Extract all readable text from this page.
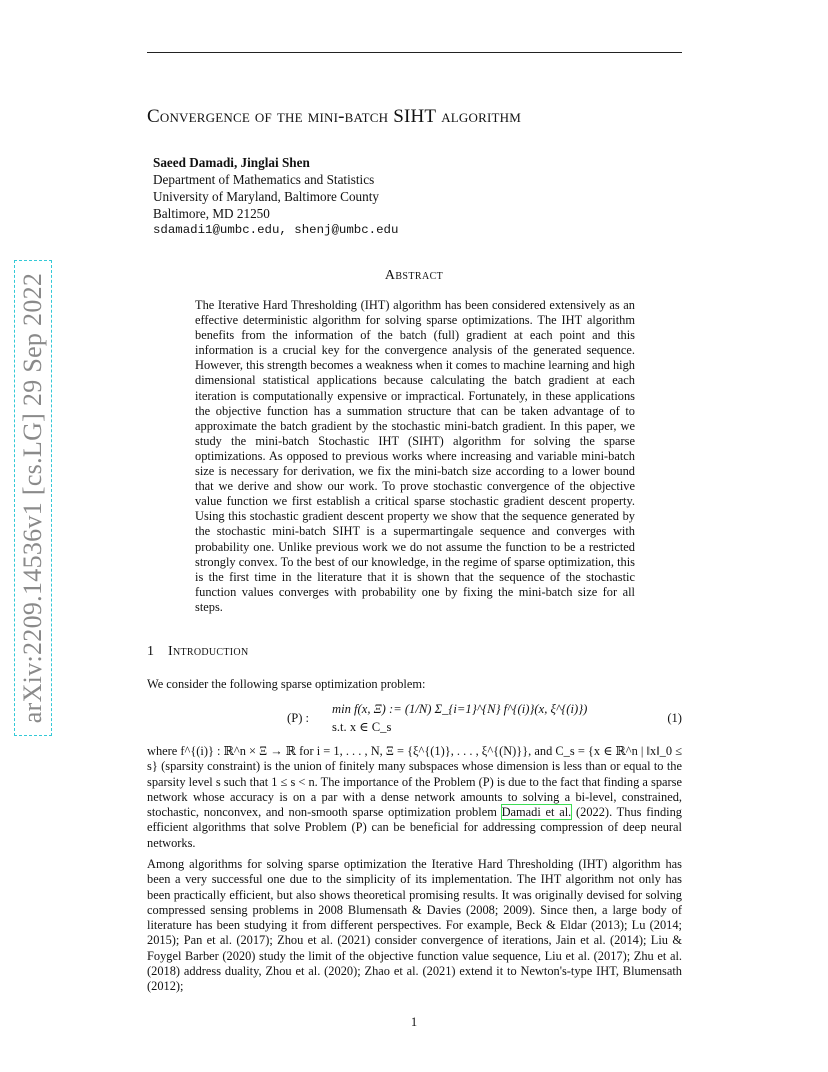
Convergence of the mini-batch SIHT algorithm
Saeed Damadi, Jinglai Shen
Department of Mathematics and Statistics
University of Maryland, Baltimore County
Baltimore, MD 21250
sdamadi1@umbc.edu, shenj@umbc.edu
arXiv:2209.14536v1 [cs.LG] 29 Sep 2022	Abstract
The Iterative Hard Thresholding (IHT) algorithm has been considered extensively as an effective deterministic algorithm for solving sparse optimizations. The IHT algorithm benefits from the information of the batch (full) gradient at each point and this information is a crucial key for the convergence analysis of the generated sequence. However, this strength becomes a weakness when it comes to machine learning and high dimensional statistical applications because calculating the batch gradient at each iteration is computationally expensive or impractical. Fortunately, in these applications the objective function has a summation structure that can be taken advantage of to approximate the batch gradient by the stochastic mini-batch gradient. In this paper, we study the mini-batch Stochastic IHT (SIHT) algorithm for solving the sparse optimizations. As opposed to previous works where increasing and variable mini-batch size is necessary for derivation, we fix the mini-batch size according to a lower bound that we derive and show our work. To prove stochastic convergence of the objective value function we first establish a critical sparse stochastic gradient descent property. Using this stochastic gradient descent property we show that the sequence generated by the stochastic mini-batch SIHT is a supermartingale sequence and converges with probability one. Unlike previous work we do not assume the function to be a restricted strongly convex. To the best of our knowledge, in the regime of sparse optimization, this is the first time in the literature that it is shown that the sequence of the stochastic function values converges with probability one by fixing the mini-batch size for all steps.
1 Introduction
We consider the following sparse optimization problem:
(P) :
min f(x, Ξ) := (1/N) Σ_{i=1}^{N} f^{(i)}(x, ξ^{(i)})
s.t. x ∈ C_s
(1)
where f^{(i)} : ℝ^n × Ξ → ℝ for i = 1, . . . , N, Ξ = {ξ^{(1)}, . . . , ξ^{(N)}}, and C_s = {x ∈ ℝ^n | ‖x‖_0 ≤ s} (sparsity constraint) is the union of finitely many subspaces whose dimension is less than or equal to the sparsity level s such that 1 ≤ s < n. The importance of the Problem (P) is due to the fact that finding a sparse network whose accuracy is on a par with a dense network amounts to solving a bi-level, constrained, stochastic, nonconvex, and non-smooth sparse optimization problem Damadi et al. (2022). Thus finding efficient algorithms that solve Problem (P) can be beneficial for addressing compression of deep neural networks.
Among algorithms for solving sparse optimization the Iterative Hard Thresholding (IHT) algorithm has been a very successful one due to the simplicity of its implementation. The IHT algorithm not only has been practically efficient, but also shows theoretical promising results. It was originally devised for solving compressed sensing problems in 2008 Blumensath & Davies (2008; 2009). Since then, a large body of literature has been studying it from different perspectives. For example, Beck & Eldar (2013); Lu (2014; 2015); Pan et al. (2017); Zhou et al. (2021) consider convergence of iterations, Jain et al. (2014); Liu & Foygel Barber (2020) study the limit of the objective function value sequence, Liu et al. (2017); Zhu et al. (2018) address duality, Zhou et al. (2020); Zhao et al. (2021) extend it to Newton's-type IHT, Blumensath (2012);
1
